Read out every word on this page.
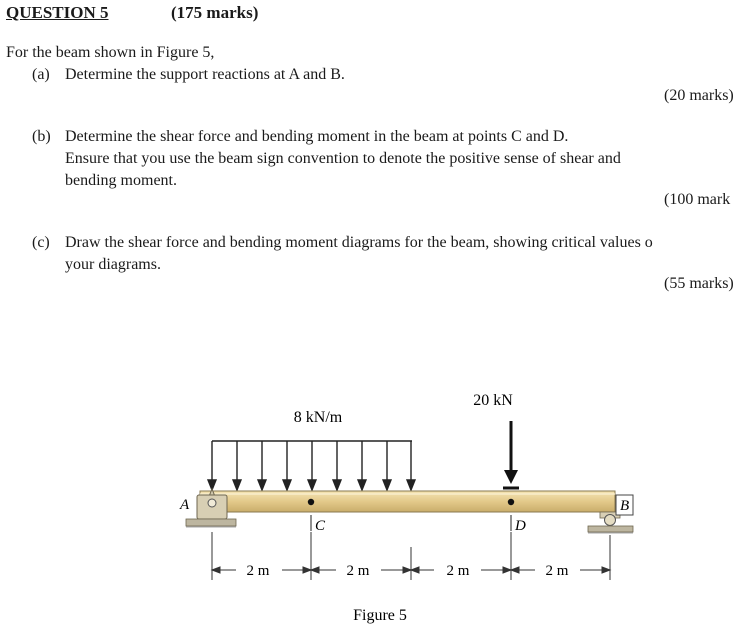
QUESTION 5	(175 marks)
For the beam shown in Figure 5,
(a) Determine the support reactions at A and B.
(20 marks)
(b) Determine the shear force and bending moment in the beam at points C and D.
Ensure that you use the beam sign convention to denote the positive sense of shear and
bending moment.
(100 mark
(c) Draw the shear force and bending moment diagrams for the beam, showing critical values o
your diagrams.
(55 marks)
8 kN/m
20 kN
C	D
A	B
2 m	2 m	2 m	2 m
Figure 5
